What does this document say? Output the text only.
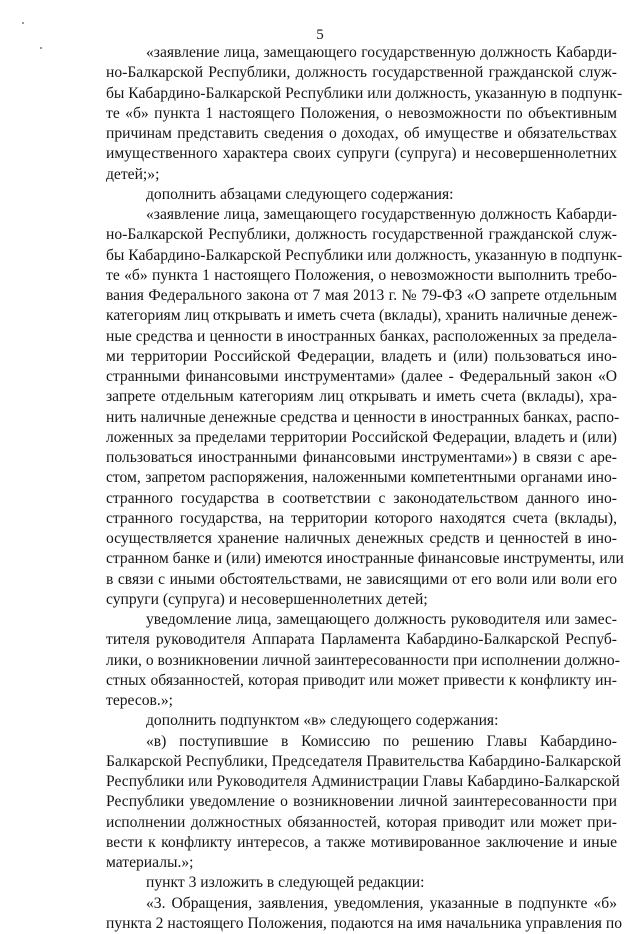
5
«заявление лица, замещающего государственную должность Кабарди-
но-Балкарской Республики, должность государственной гражданской служ-
бы Кабардино-Балкарской Республики или должность, указанную в подпунк-
те «б» пункта 1 настоящего Положения, о невозможности по объективным
причинам представить сведения о доходах, об имуществе и обязательствах
имущественного характера своих супруги (супруга) и несовершеннолетних
детей;»;
дополнить абзацами следующего содержания:
«заявление лица, замещающего государственную должность Кабарди-
но-Балкарской Республики, должность государственной гражданской служ-
бы Кабардино-Балкарской Республики или должность, указанную в подпунк-
те «б» пункта 1 настоящего Положения, о невозможности выполнить требо-
вания Федерального закона от 7 мая 2013 г. № 79-ФЗ «О запрете отдельным
категориям лиц открывать и иметь счета (вклады), хранить наличные денеж-
ные средства и ценности в иностранных банках, расположенных за предела-
ми территории Российской Федерации, владеть и (или) пользоваться ино-
странными финансовыми инструментами» (далее - Федеральный закон «О
запрете отдельным категориям лиц открывать и иметь счета (вклады), хра-
нить наличные денежные средства и ценности в иностранных банках, распо-
ложенных за пределами территории Российской Федерации, владеть и (или)
пользоваться иностранными финансовыми инструментами») в связи с аре-
стом, запретом распоряжения, наложенными компетентными органами ино-
странного государства в соответствии с законодательством данного ино-
странного государства, на территории которого находятся счета (вклады),
осуществляется хранение наличных денежных средств и ценностей в ино-
странном банке и (или) имеются иностранные финансовые инструменты, или
в связи с иными обстоятельствами, не зависящими от его воли или воли его
супруги (супруга) и несовершеннолетних детей;
уведомление лица, замещающего должность руководителя или замес-
тителя руководителя Аппарата Парламента Кабардино-Балкарской Респуб-
лики, о возникновении личной заинтересованности при исполнении должно-
стных обязанностей, которая приводит или может привести к конфликту ин-
тересов.»;
дополнить подпунктом «в» следующего содержания:
«в) поступившие в Комиссию по решению Главы Кабардино-
Балкарской Республики, Председателя Правительства Кабардино-Балкарской
Республики или Руководителя Администрации Главы Кабардино-Балкарской
Республики уведомление о возникновении личной заинтересованности при
исполнении должностных обязанностей, которая приводит или может при-
вести к конфликту интересов, а также мотивированное заключение и иные
материалы.»;
пункт 3 изложить в следующей редакции:
«3. Обращения, заявления, уведомления, указанные в подпункте «б»
пункта 2 настоящего Положения, подаются на имя начальника управления по
